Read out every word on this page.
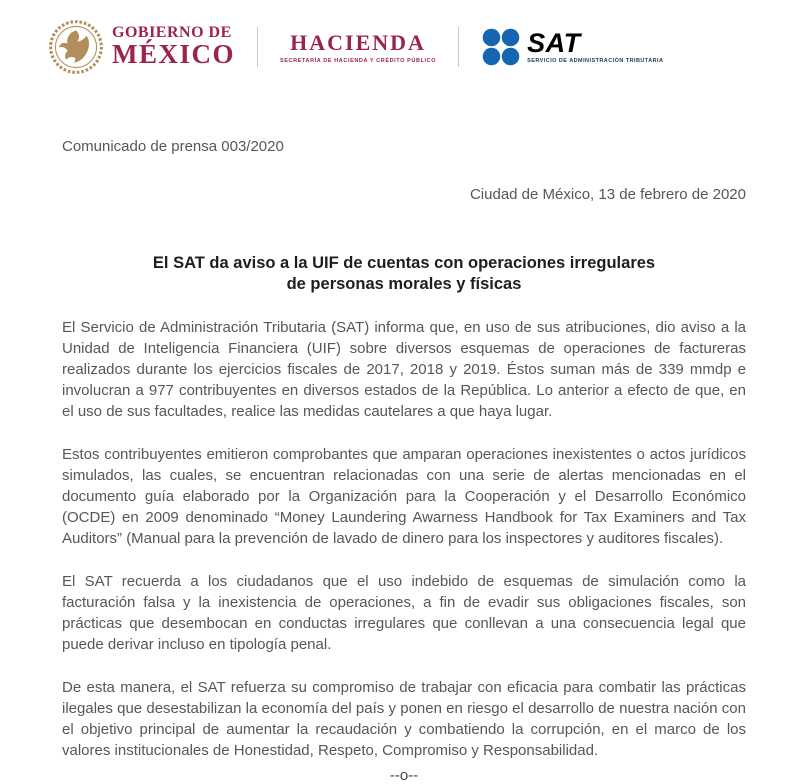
GOBIERNO DE
MÉXICO	HACIENDA
SECRETARÍA DE HACIENDA Y CRÉDITO PÚBLICO
SAT
SERVICIO DE ADMINISTRACIÓN TRIBUTARIA
Comunicado de prensa 003/2020
Ciudad de México, 13 de febrero de 2020
El SAT da aviso a la UIF de cuentas con operaciones irregulares
de personas morales y físicas

El Servicio de Administración Tributaria (SAT) informa que, en uso de sus atribuciones, dio aviso a la Unidad de Inteligencia Financiera (UIF) sobre diversos esquemas de operaciones de factureras realizados durante los ejercicios fiscales de 2017, 2018 y 2019. Éstos suman más de 339 mmdp e involucran a 977 contribuyentes en diversos estados de la República. Lo anterior a efecto de que, en el uso de sus facultades, realice las medidas cautelares a que haya lugar.

Estos contribuyentes emitieron comprobantes que amparan operaciones inexistentes o actos jurídicos simulados, las cuales, se encuentran relacionadas con una serie de alertas mencionadas en el documento guía elaborado por la Organización para la Cooperación y el Desarrollo Económico (OCDE) en 2009 denominado “Money Laundering Awarness Handbook for Tax Examiners and Tax Auditors” (Manual para la prevención de lavado de dinero para los inspectores y auditores fiscales).

El SAT recuerda a los ciudadanos que el uso indebido de esquemas de simulación como la facturación falsa y la inexistencia de operaciones, a fin de evadir sus obligaciones fiscales, son prácticas que desembocan en conductas irregulares que conllevan a una consecuencia legal que puede derivar incluso en tipología penal.

De esta manera, el SAT refuerza su compromiso de trabajar con eficacia para combatir las prácticas ilegales que desestabilizan la economía del país y ponen en riesgo el desarrollo de nuestra nación con el objetivo principal de aumentar la recaudación y combatiendo la corrupción, en el marco de los valores institucionales de Honestidad, Respeto, Compromiso y Responsabilidad.

--o--
